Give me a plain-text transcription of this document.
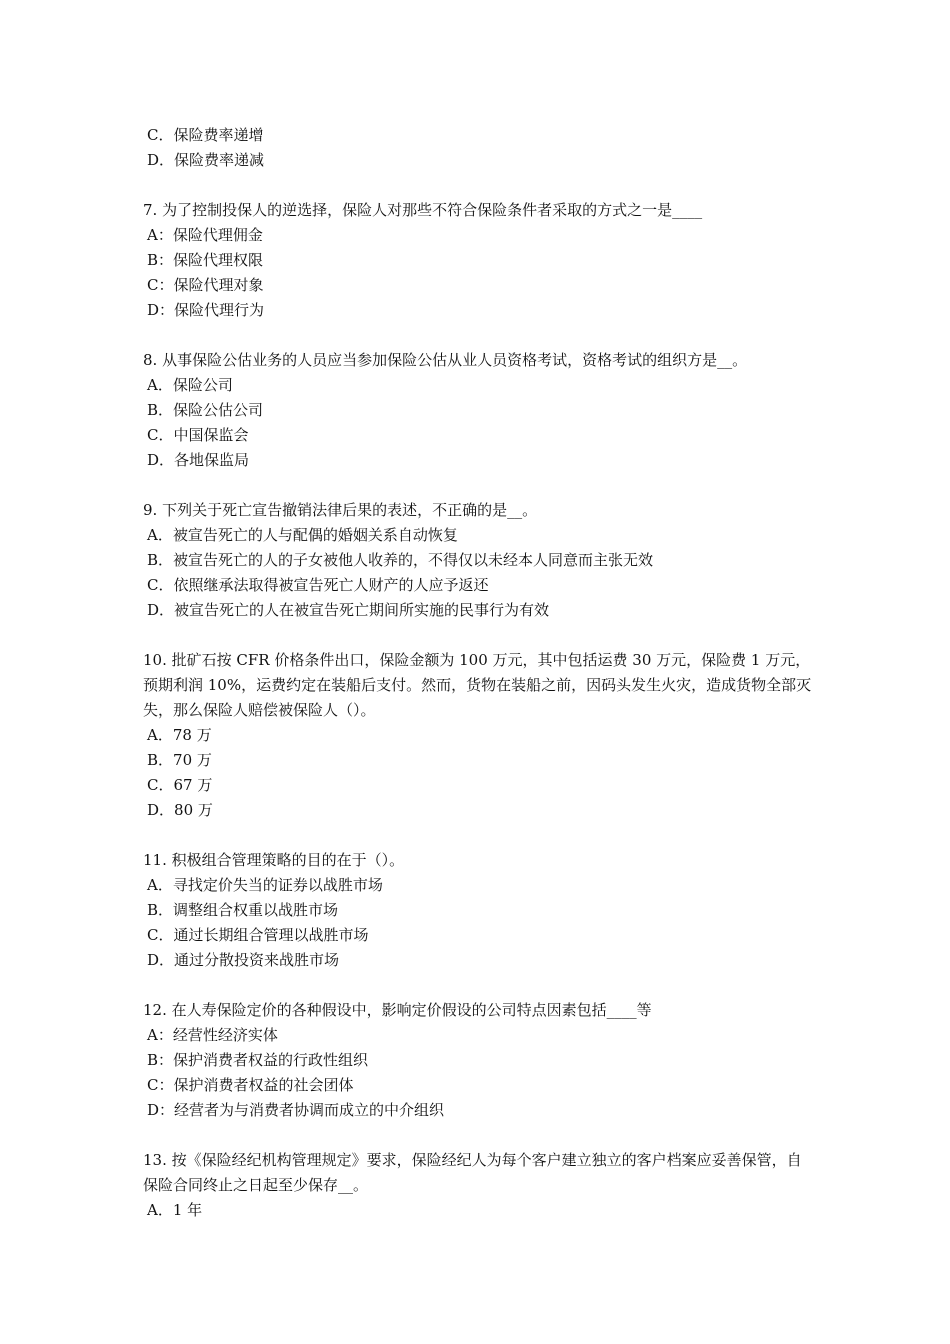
C．保险费率递增
D．保险费率递减

7. 为了控制投保人的逆选择，保险人对那些不符合保险条件者采取的方式之一是____

A：保险代理佣金
B：保险代理权限
C：保险代理对象
D：保险代理行为

8. 从事保险公估业务的人员应当参加保险公估从业人员资格考试，资格考试的组织方是__。

A．保险公司
B．保险公估公司
C．中国保监会
D．各地保监局

9. 下列关于死亡宣告撤销法律后果的表述，不正确的是__。

A．被宣告死亡的人与配偶的婚姻关系自动恢复
B．被宣告死亡的人的子女被他人收养的，不得仅以未经本人同意而主张无效
C．依照继承法取得被宣告死亡人财产的人应予返还
D．被宣告死亡的人在被宣告死亡期间所实施的民事行为有效

10. 批矿石按 CFR 价格条件出口，保险金额为 100 万元，其中包括运费 30 万元，保险费 1 万元，预期利润 10%，运费约定在装船后支付。然而，货物在装船之前，因码头发生火灾，造成货物全部灭失，那么保险人赔偿被保险人（）。

A．78 万
B．70 万
C．67 万
D．80 万

11. 积极组合管理策略的目的在于（）。

A．寻找定价失当的证券以战胜市场
B．调整组合权重以战胜市场
C．通过长期组合管理以战胜市场
D．通过分散投资来战胜市场

12. 在人寿保险定价的各种假设中，影响定价假设的公司特点因素包括____等

A：经营性经济实体
B：保护消费者权益的行政性组织
C：保护消费者权益的社会团体
D：经营者为与消费者协调而成立的中介组织

13. 按《保险经纪机构管理规定》要求，保险经纪人为每个客户建立独立的客户档案应妥善保管，自保险合同终止之日起至少保存__。

A．1 年
